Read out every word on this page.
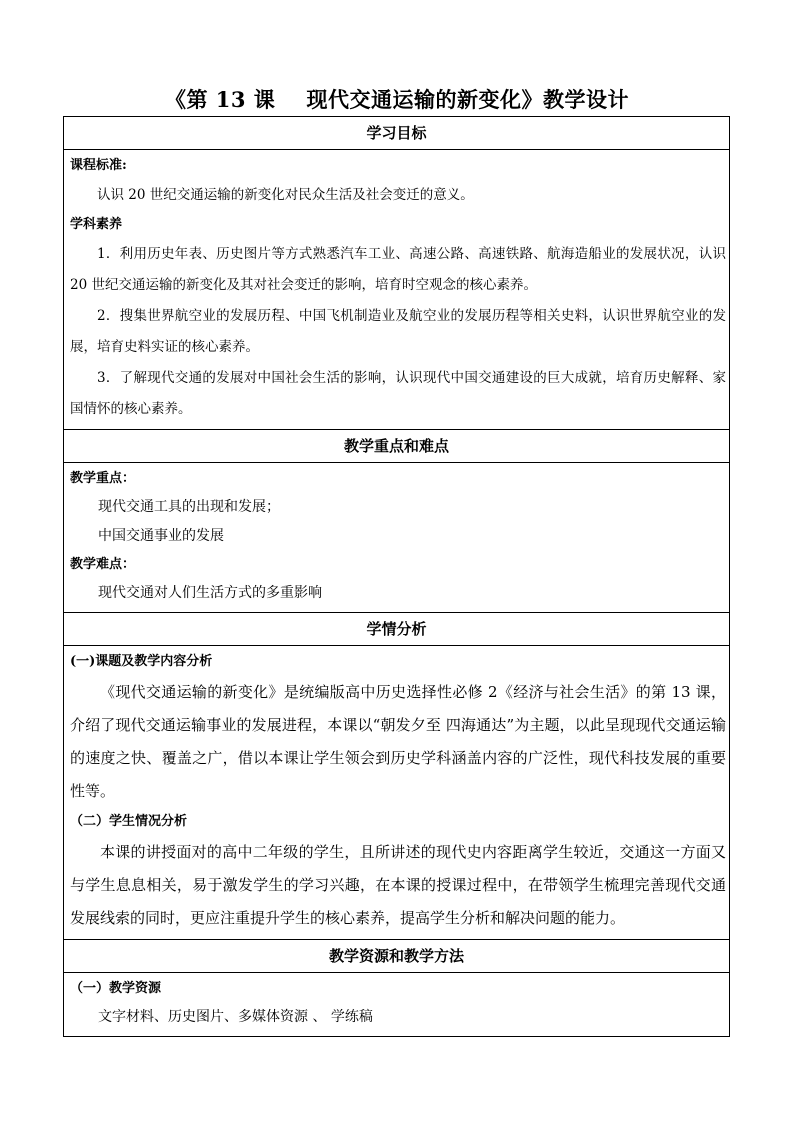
《第 13 课    现代交通运输的新变化》教学设计
学习目标
课程标准:
认识 20 世纪交通运输的新变化对民众生活及社会变迁的意义。
学科素养
1．利用历史年表、历史图片等方式熟悉汽车工业、高速公路、高速铁路、航海造船业的发展状况，认识 20 世纪交通运输的新变化及其对社会变迁的影响，培育时空观念的核心素养。
2．搜集世界航空业的发展历程、中国飞机制造业及航空业的发展历程等相关史料，认识世界航空业的发展，培育史料实证的核心素养。
3．了解现代交通的发展对中国社会生活的影响，认识现代中国交通建设的巨大成就，培育历史解释、家国情怀的核心素养。
教学重点和难点
教学重点：
现代交通工具的出现和发展；
中国交通事业的发展
教学难点：
现代交通对人们生活方式的多重影响
学情分析
(一)课题及教学内容分析
《现代交通运输的新变化》是统编版高中历史选择性必修 2《经济与社会生活》的第 13 课，介绍了现代交通运输事业的发展进程，本课以“朝发夕至 四海通达”为主题，以此呈现现代交通运输的速度之快、覆盖之广，借以本课让学生领会到历史学科涵盖内容的广泛性，现代科技发展的重要性等。
（二）学生情况分析
本课的讲授面对的高中二年级的学生，且所讲述的现代史内容距离学生较近，交通这一方面又与学生息息相关，易于激发学生的学习兴趣，在本课的授课过程中，在带领学生梳理完善现代交通发展线索的同时，更应注重提升学生的核心素养，提高学生分析和解决问题的能力。
教学资源和教学方法
（一）教学资源
文字材料、历史图片、多媒体资源 、 学练稿
